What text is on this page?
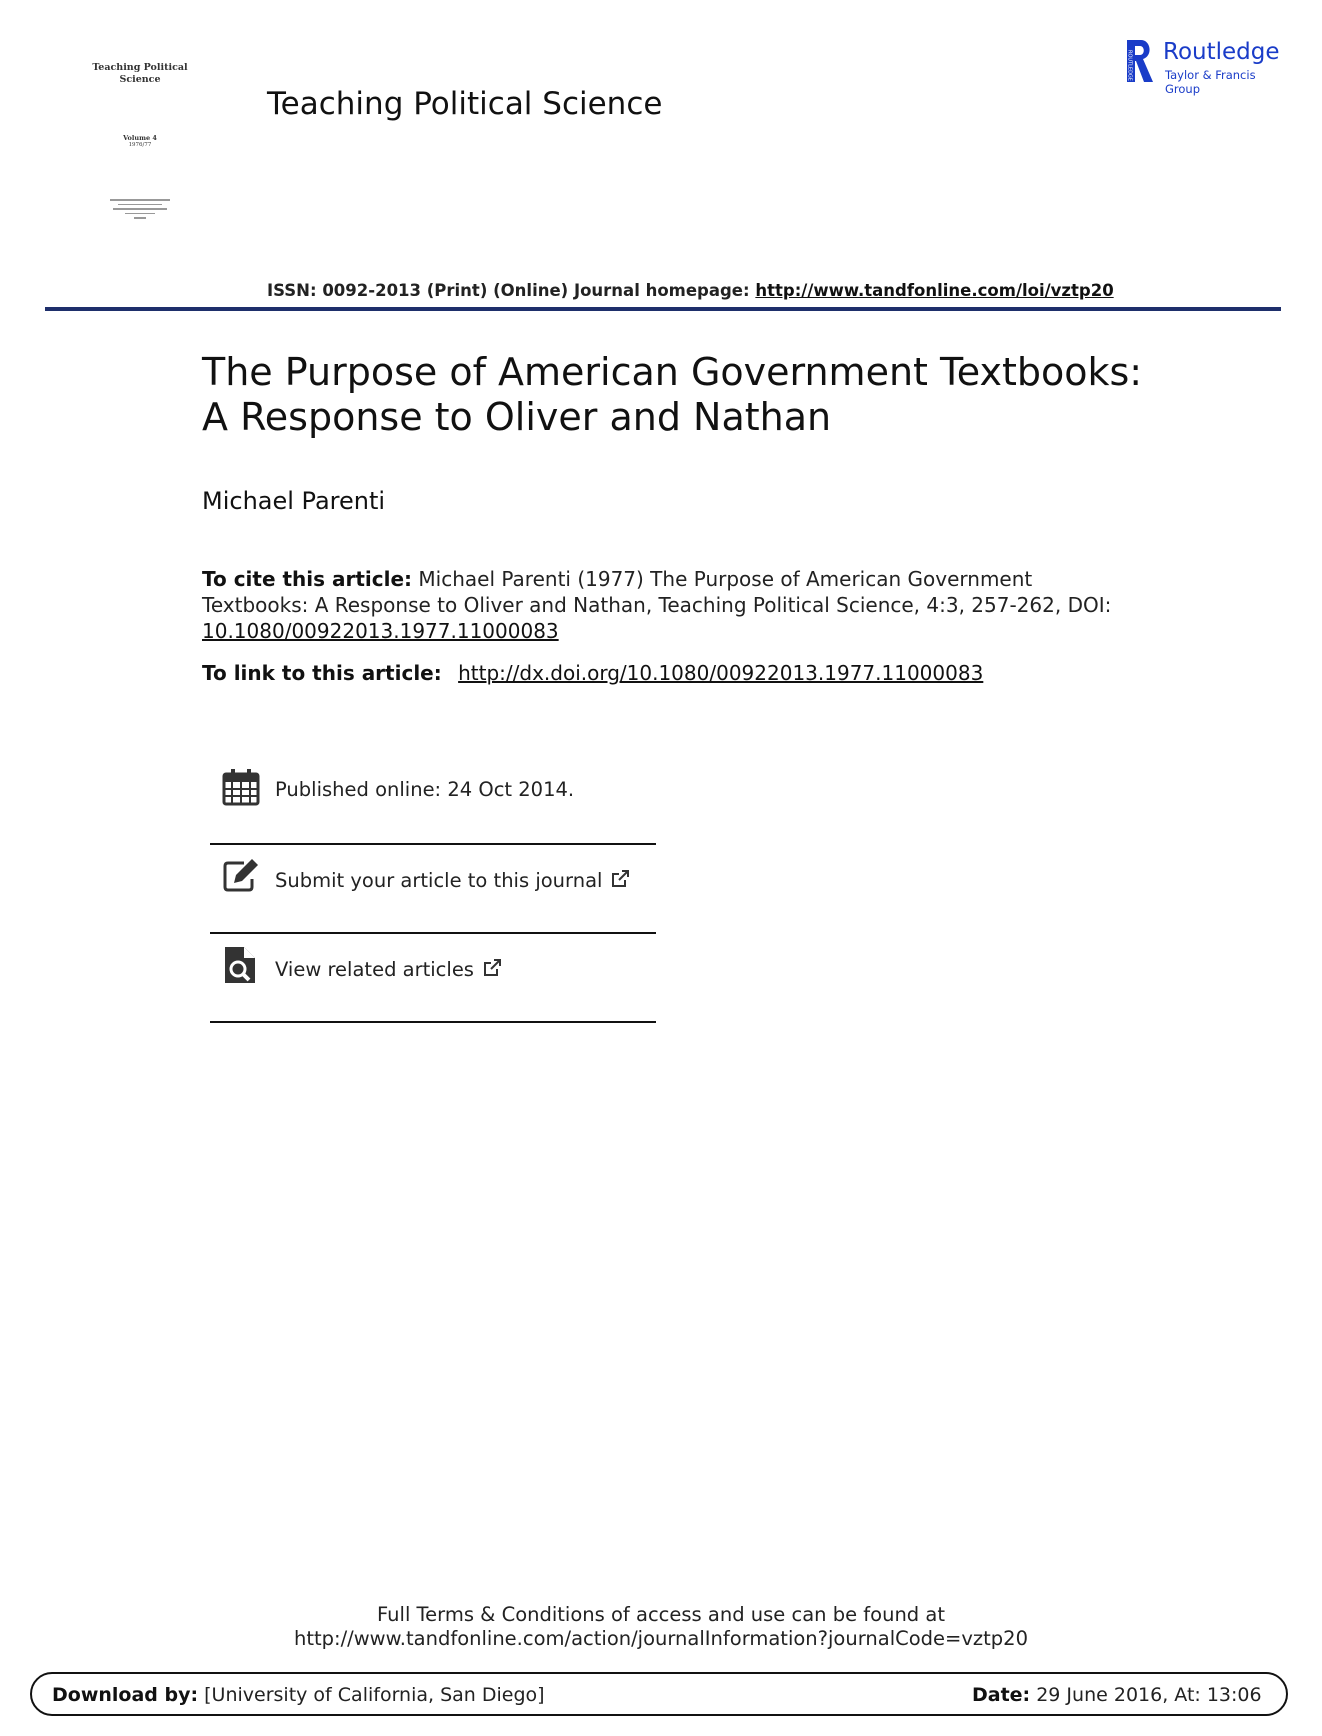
Teaching Political Science
Volume 4
1976/77
Teaching Political Science
ROUTLEDGE Routledge
Taylor & Francis Group
ISSN: 0092-2013 (Print) (Online) Journal homepage: http://www.tandfonline.com/loi/vztp20
The Purpose of American Government Textbooks:
A Response to Oliver and Nathan
Michael Parenti
To cite this article: Michael Parenti (1977) The Purpose of American Government Textbooks: A Response to Oliver and Nathan, Teaching Political Science, 4:3, 257-262, DOI:
10.1080/00922013.1977.11000083
To link to this article: http://dx.doi.org/10.1080/00922013.1977.11000083
Published online: 24 Oct 2014.
Submit your article to this journal
View related articles
Full Terms & Conditions of access and use can be found at
http://www.tandfonline.com/action/journalInformation?journalCode=vztp20
Download by: [University of California, San Diego]	Date: 29 June 2016, At: 13:06
